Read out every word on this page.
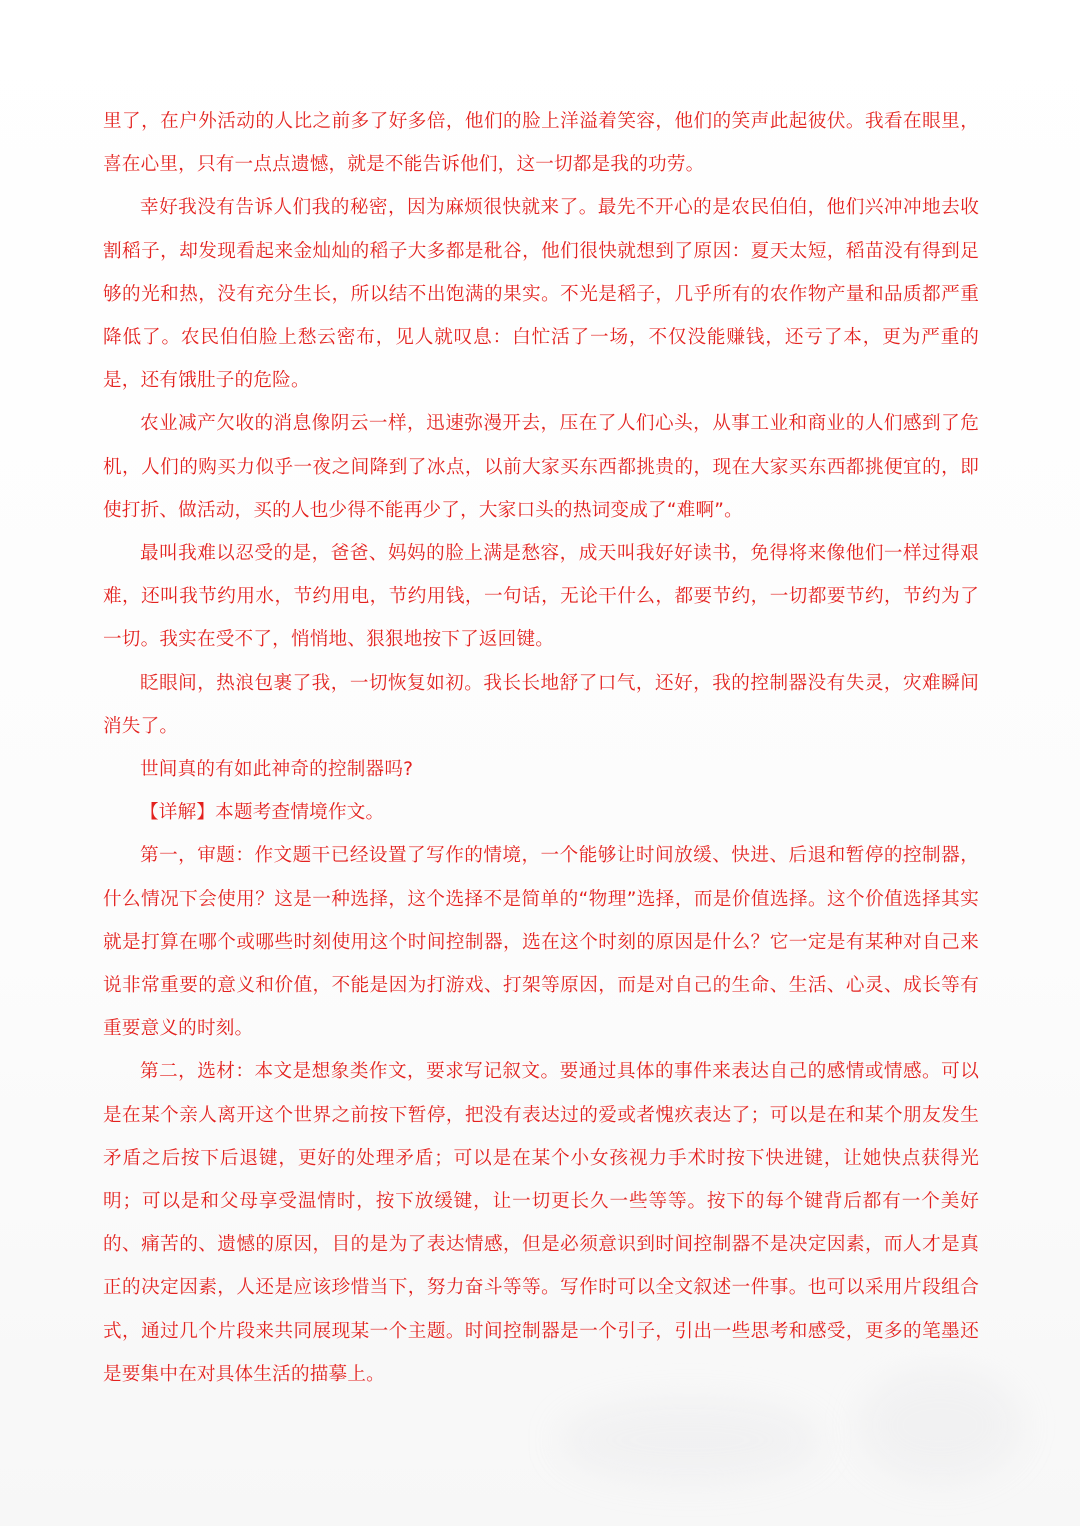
里了，在户外活动的人比之前多了好多倍，他们的脸上洋溢着笑容，他们的笑声此起彼伏。我看在眼里，喜在心里，只有一点点遗憾，就是不能告诉他们，这一切都是我的功劳。

幸好我没有告诉人们我的秘密，因为麻烦很快就来了。最先不开心的是农民伯伯，他们兴冲冲地去收割稻子，却发现看起来金灿灿的稻子大多都是秕谷，他们很快就想到了原因：夏天太短，稻苗没有得到足够的光和热，没有充分生长，所以结不出饱满的果实。不光是稻子，几乎所有的农作物产量和品质都严重降低了。农民伯伯脸上愁云密布，见人就叹息：白忙活了一场，不仅没能赚钱，还亏了本，更为严重的是，还有饿肚子的危险。

农业减产欠收的消息像阴云一样，迅速弥漫开去，压在了人们心头，从事工业和商业的人们感到了危机，人们的购买力似乎一夜之间降到了冰点，以前大家买东西都挑贵的，现在大家买东西都挑便宜的，即使打折、做活动，买的人也少得不能再少了，大家口头的热词变成了“难啊”。

最叫我难以忍受的是，爸爸、妈妈的脸上满是愁容，成天叫我好好读书，免得将来像他们一样过得艰难，还叫我节约用水，节约用电，节约用钱，一句话，无论干什么，都要节约，一切都要节约，节约为了一切。我实在受不了，悄悄地、狠狠地按下了返回键。

眨眼间，热浪包裹了我，一切恢复如初。我长长地舒了口气，还好，我的控制器没有失灵，灾难瞬间消失了。

世间真的有如此神奇的控制器吗?

【详解】本题考查情境作文。

第一，审题：作文题干已经设置了写作的情境，一个能够让时间放缓、快进、后退和暂停的控制器，什么情况下会使用？这是一种选择，这个选择不是简单的“物理”选择，而是价值选择。这个价值选择其实就是打算在哪个或哪些时刻使用这个时间控制器，选在这个时刻的原因是什么？它一定是有某种对自己来说非常重要的意义和价值，不能是因为打游戏、打架等原因，而是对自己的生命、生活、心灵、成长等有重要意义的时刻。

第二，选材：本文是想象类作文，要求写记叙文。要通过具体的事件来表达自己的感情或情感。可以是在某个亲人离开这个世界之前按下暂停，把没有表达过的爱或者愧疚表达了；可以是在和某个朋友发生矛盾之后按下后退键，更好的处理矛盾；可以是在某个小女孩视力手术时按下快进键，让她快点获得光明；可以是和父母享受温情时，按下放缓键，让一切更长久一些等等。按下的每个键背后都有一个美好的、痛苦的、遗憾的原因，目的是为了表达情感，但是必须意识到时间控制器不是决定因素，而人才是真正的决定因素，人还是应该珍惜当下，努力奋斗等等。写作时可以全文叙述一件事。也可以采用片段组合式，通过几个片段来共同展现某一个主题。时间控制器是一个引子，引出一些思考和感受，更多的笔墨还是要集中在对具体生活的描摹上。
